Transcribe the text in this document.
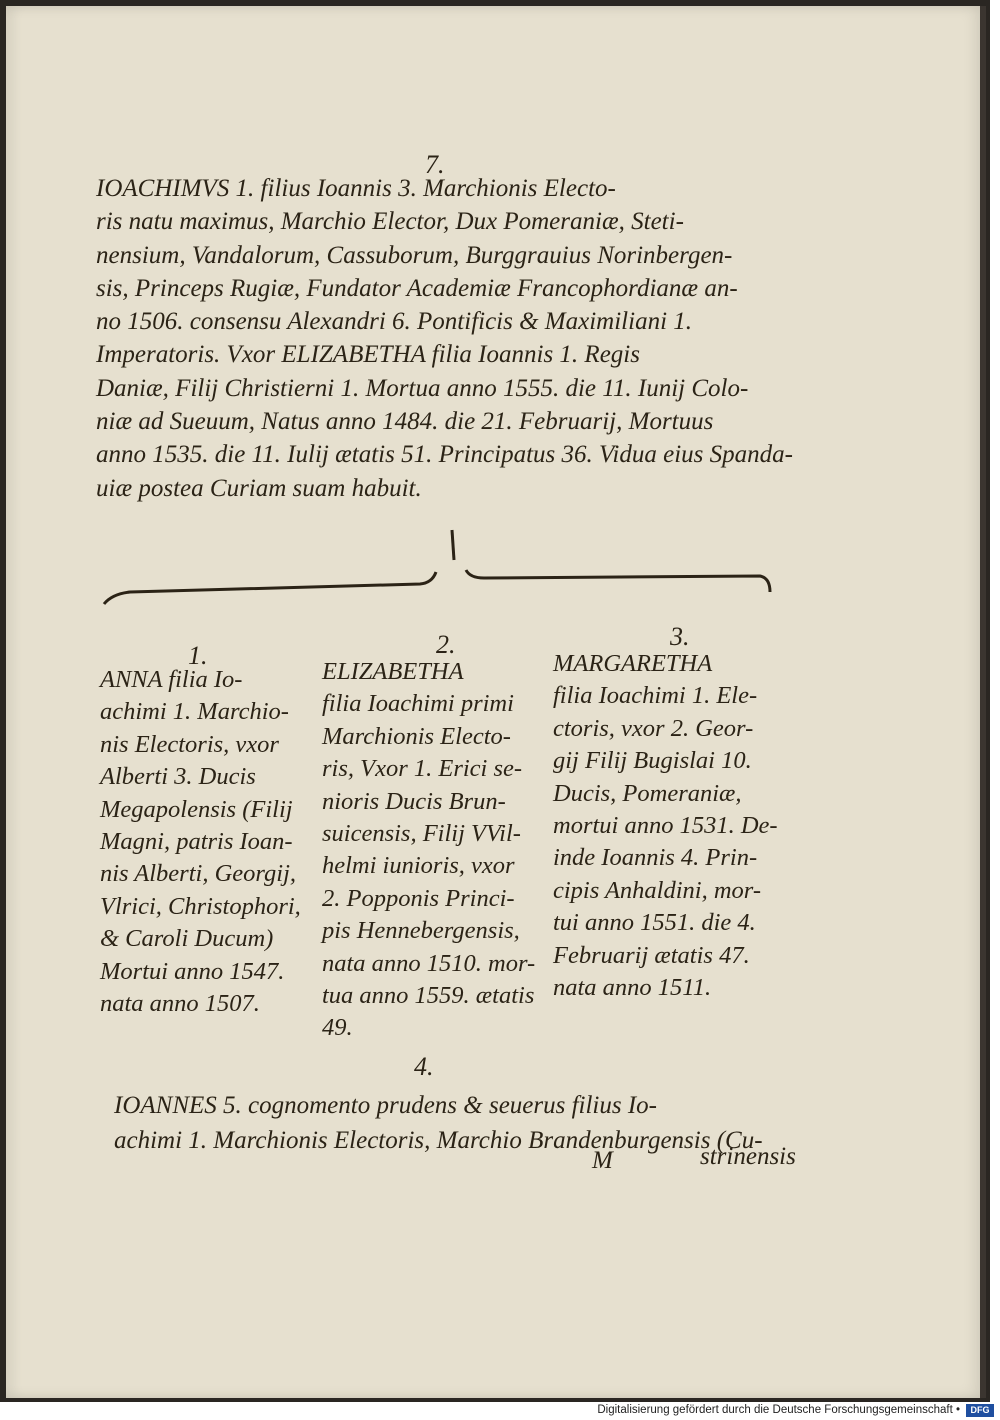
7.
IOACHIMVS 1. filius Ioannis 3. Marchionis Electo-
ris natu maximus, Marchio Elector, Dux Pomeraniæ, Steti-
nensium, Vandalorum, Cassuborum, Burggrauius Norinbergen-
sis, Princeps Rugiæ, Fundator Academiæ Francophordianæ an-
no 1506. consensu Alexandri 6. Pontificis & Maximiliani 1.
Imperatoris. Vxor ELIZABETHA filia Ioannis 1. Regis
Daniæ, Filij Christierni 1. Mortua anno 1555. die 11. Iunij Colo-
niæ ad Sueuum, Natus anno 1484. die 21. Februarij, Mortuus
anno 1535. die 11. Iulij ætatis 51. Principatus 36. Vidua eius Spanda-
uiæ postea Curiam suam habuit.
1.	2.	3.
ANNA filia Io-
achimi 1. Marchio-
nis Electoris, vxor
Alberti 3. Ducis
Megapolensis (Filij
Magni, patris Ioan-
nis Alberti, Georgij,
Vlrici, Christophori,
& Caroli Ducum)
Mortui anno 1547.
nata anno 1507.
ELIZABETHA
filia Ioachimi primi
Marchionis Electo-
ris, Vxor 1. Erici se-
nioris Ducis Brun-
suicensis, Filij VVil-
helmi iunioris, vxor
2. Popponis Princi-
pis Hennebergensis,
nata anno 1510. mor-
tua anno 1559. ætatis
49.
MARGARETHA
filia Ioachimi 1. Ele-
ctoris, vxor 2. Geor-
gij Filij Bugislai 10.
Ducis, Pomeraniæ,
mortui anno 1531. De-
inde Ioannis 4. Prin-
cipis Anhaldini, mor-
tui anno 1551. die 4.
Februarij ætatis 47.
nata anno 1511.
4.
IOANNES 5. cognomento prudens & seuerus filius Io-
achimi 1. Marchionis Electoris, Marchio Brandenburgensis (Cu-
M	strinensis
Digitalisierung gefördert durch die Deutsche Forschungsgemeinschaft •	DFG
